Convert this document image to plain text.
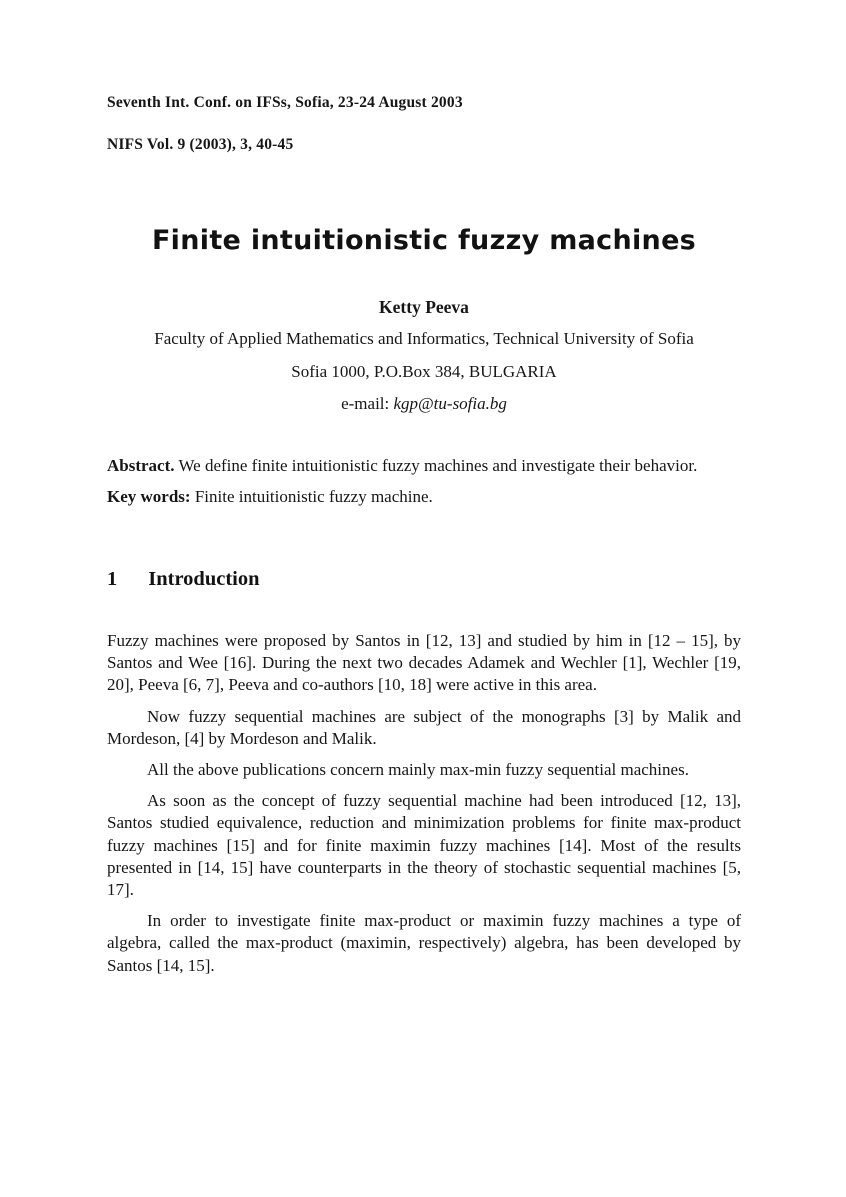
Seventh Int. Conf. on IFSs, Sofia, 23-24 August 2003
NIFS Vol. 9 (2003), 3, 40-45
Finite intuitionistic fuzzy machines
Ketty Peeva
Faculty of Applied Mathematics and Informatics, Technical University of Sofia
Sofia 1000, P.O.Box 384, BULGARIA
e-mail: kgp@tu-sofia.bg
Abstract. We define finite intuitionistic fuzzy machines and investigate their behavior.
Key words: Finite intuitionistic fuzzy machine.
1 Introduction

Fuzzy machines were proposed by Santos in [12, 13] and studied by him in [12 – 15], by Santos and Wee [16]. During the next two decades Adamek and Wechler [1], Wechler [19, 20], Peeva [6, 7], Peeva and co-authors [10, 18] were active in this area.

Now fuzzy sequential machines are subject of the monographs [3] by Malik and Mordeson, [4] by Mordeson and Malik.

All the above publications concern mainly max-min fuzzy sequential machines.

As soon as the concept of fuzzy sequential machine had been introduced [12, 13], Santos studied equivalence, reduction and minimization problems for finite max-product fuzzy machines [15] and for finite maximin fuzzy machines [14]. Most of the results presented in [14, 15] have counterparts in the theory of stochastic sequential machines [5, 17].

In order to investigate finite max-product or maximin fuzzy machines a type of algebra, called the max-product (maximin, respectively) algebra, has been developed by Santos [14, 15].
